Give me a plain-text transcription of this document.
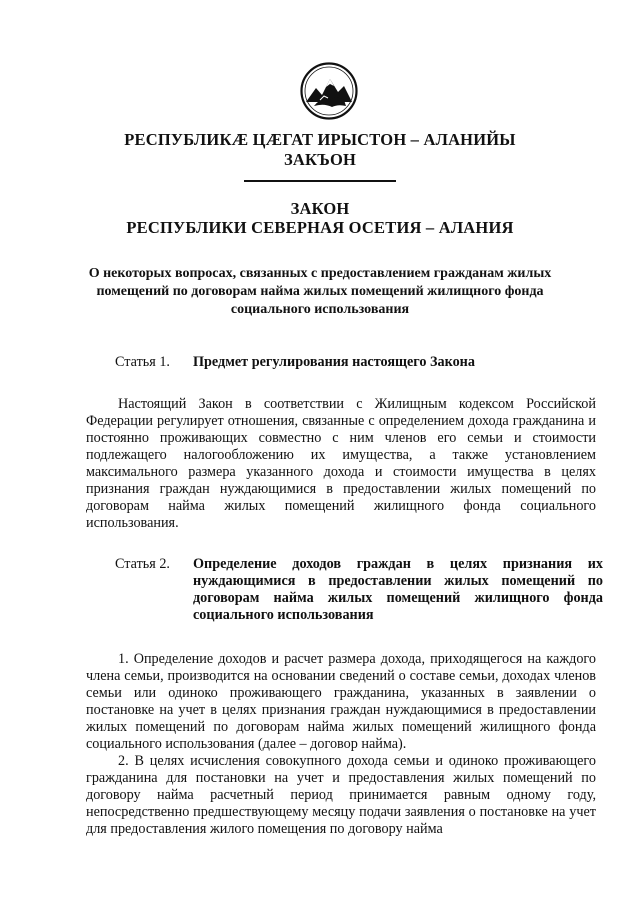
РЕСПУБЛИКӔ ЦӔГАТ ИРЫСТОН – АЛАНИЙЫ
ЗАКЪОН
ЗАКОН
РЕСПУБЛИКИ СЕВЕРНАЯ ОСЕТИЯ – АЛАНИЯ
О некоторых вопросах, связанных с предоставлением гражданам жилых
помещений по договорам найма жилых помещений жилищного фонда
социального использования
Статья 1.	Предмет регулирования настоящего Закона

Настоящий Закон в соответствии с Жилищным кодексом Российской Федерации регулирует отношения, связанные с определением дохода гражданина и постоянно проживающих совместно с ним членов его семьи и стоимости подлежащего налогообложению их имущества, а также установлением максимального размера указанного дохода и стоимости имущества в целях признания граждан нуждающимися в предоставлении жилых помещений по договорам найма жилых помещений жилищного фонда социального использования.

Статья 2.	Определение доходов граждан в целях признания их нуждающимися в предоставлении жилых помещений по договорам найма жилых помещений жилищного фонда социального использования

1. Определение доходов и расчет размера дохода, приходящегося на каждого члена семьи, производится на основании сведений о составе семьи, доходах членов семьи или одиноко проживающего гражданина, указанных в заявлении о постановке на учет в целях признания граждан нуждающимися в предоставлении жилых помещений по договорам найма жилых помещений жилищного фонда социального использования (далее – договор найма).

2. В целях исчисления совокупного дохода семьи и одиноко проживающего гражданина для постановки на учет и предоставления жилых помещений по договору найма расчетный период принимается равным одному году, непосредственно предшествующему месяцу подачи заявления о постановке на учет для предоставления жилого помещения по договору найма
